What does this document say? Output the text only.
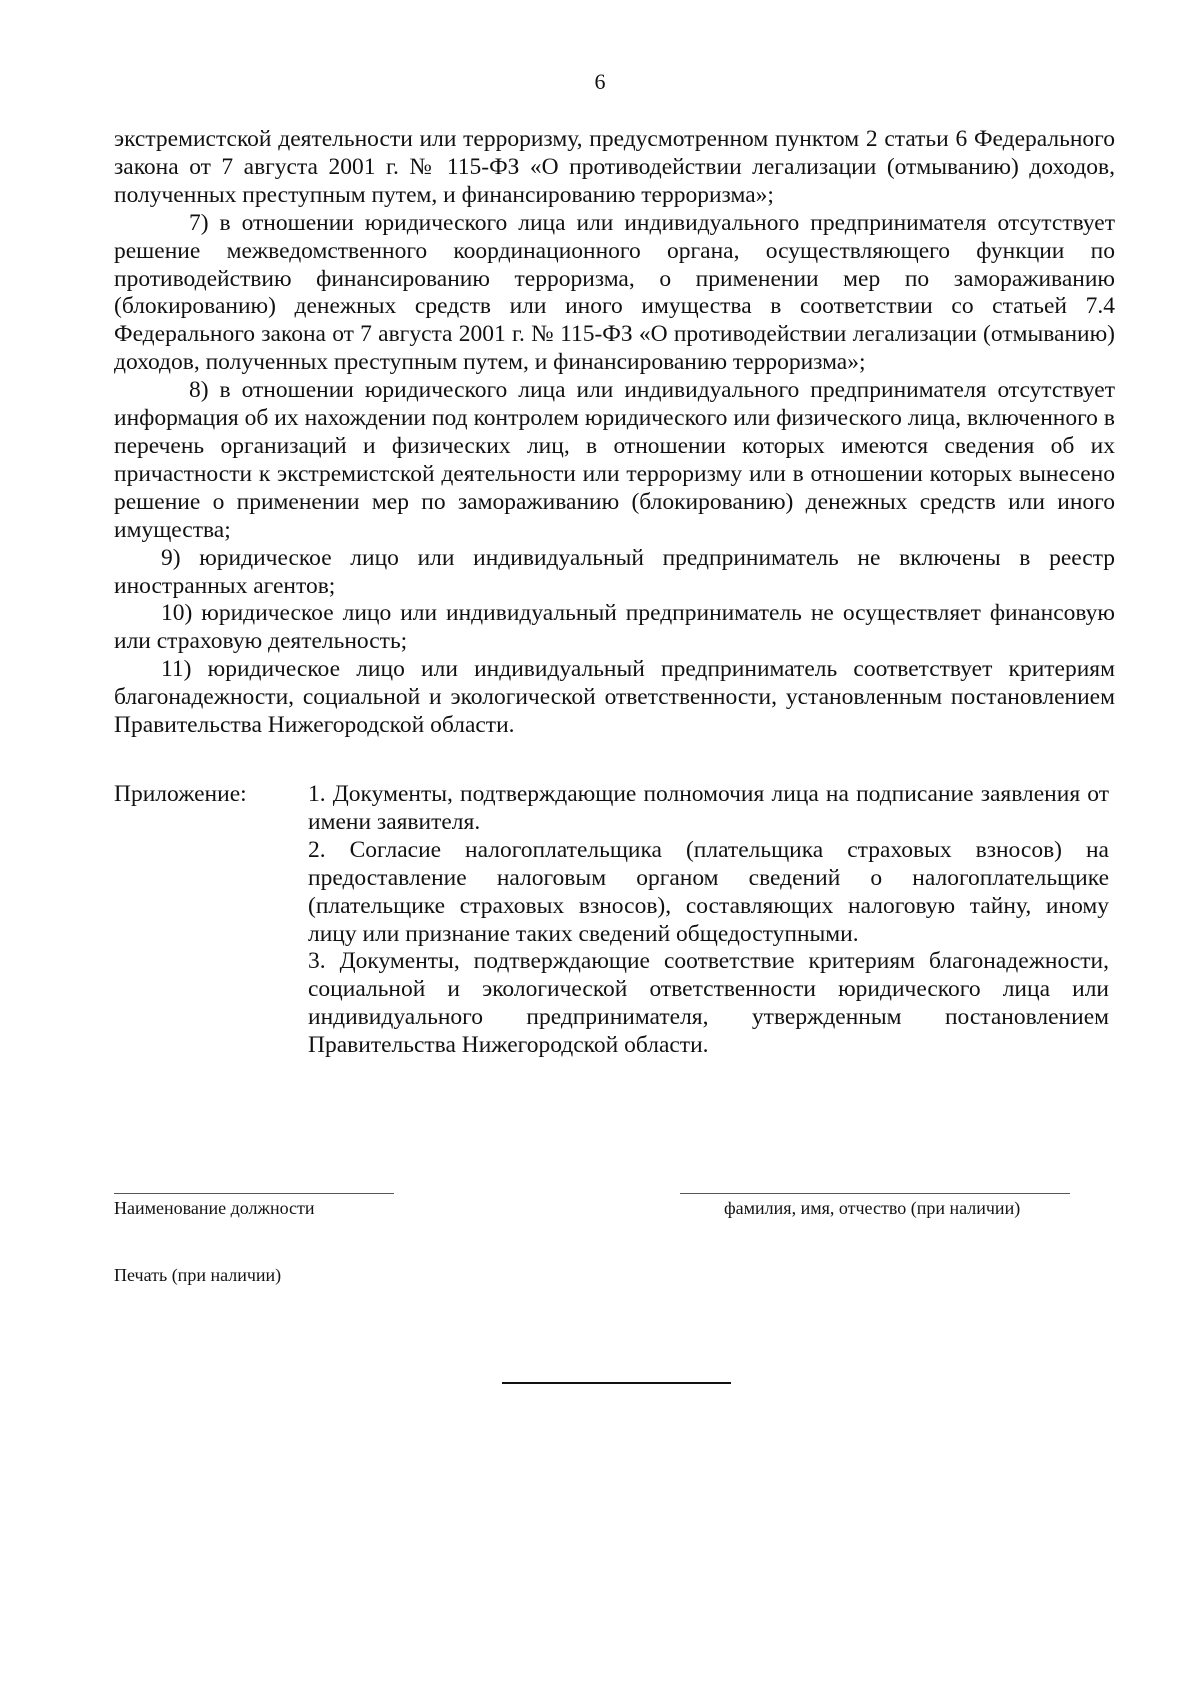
6

экстремистской деятельности или терроризму, предусмотренном пунктом 2 статьи 6 Федерального закона от 7 августа 2001 г. № 115-ФЗ «О противодействии легализации (отмыванию) доходов, полученных преступным путем, и финансированию терроризма»;

7) в отношении юридического лица или индивидуального предпринимателя отсутствует решение межведомственного координационного органа, осуществляющего функции по противодействию финансированию терроризма, о применении мер по замораживанию (блокированию) денежных средств или иного имущества в соответствии со статьей 7.4 Федерального закона от 7 августа 2001 г. № 115-ФЗ «О противодействии легализации (отмыванию) доходов, полученных преступным путем, и финансированию терроризма»;

8) в отношении юридического лица или индивидуального предпринимателя отсутствует информация об их нахождении под контролем юридического или физического лица, включенного в перечень организаций и физических лиц, в отношении которых имеются сведения об их причастности к экстремистской деятельности или терроризму или в отношении которых вынесено решение о применении мер по замораживанию (блокированию) денежных средств или иного имущества;

9) юридическое лицо или индивидуальный предприниматель не включены в реестр иностранных агентов;

10) юридическое лицо или индивидуальный предприниматель не осуществляет финансовую или страховую деятельность;

11) юридическое лицо или индивидуальный предприниматель соответствует критериям благонадежности, социальной и экологической ответственности, установленным постановлением Правительства Нижегородской области.

Приложение:	1. Документы, подтверждающие полномочия лица на подписание заявления от имени заявителя.

2. Согласие налогоплательщика (плательщика страховых взносов) на предоставление налоговым органом сведений о налогоплательщике (плательщике страховых взносов), составляющих налоговую тайну, иному лицу или признание таких сведений общедоступными.

3. Документы, подтверждающие соответствие критериям благонадежности, социальной и экологической ответственности юридического лица или индивидуального предпринимателя, утвержденным постановлением Правительства Нижегородской области.

Наименование должности	фамилия, имя, отчество (при наличии)
Печать (при наличии)
